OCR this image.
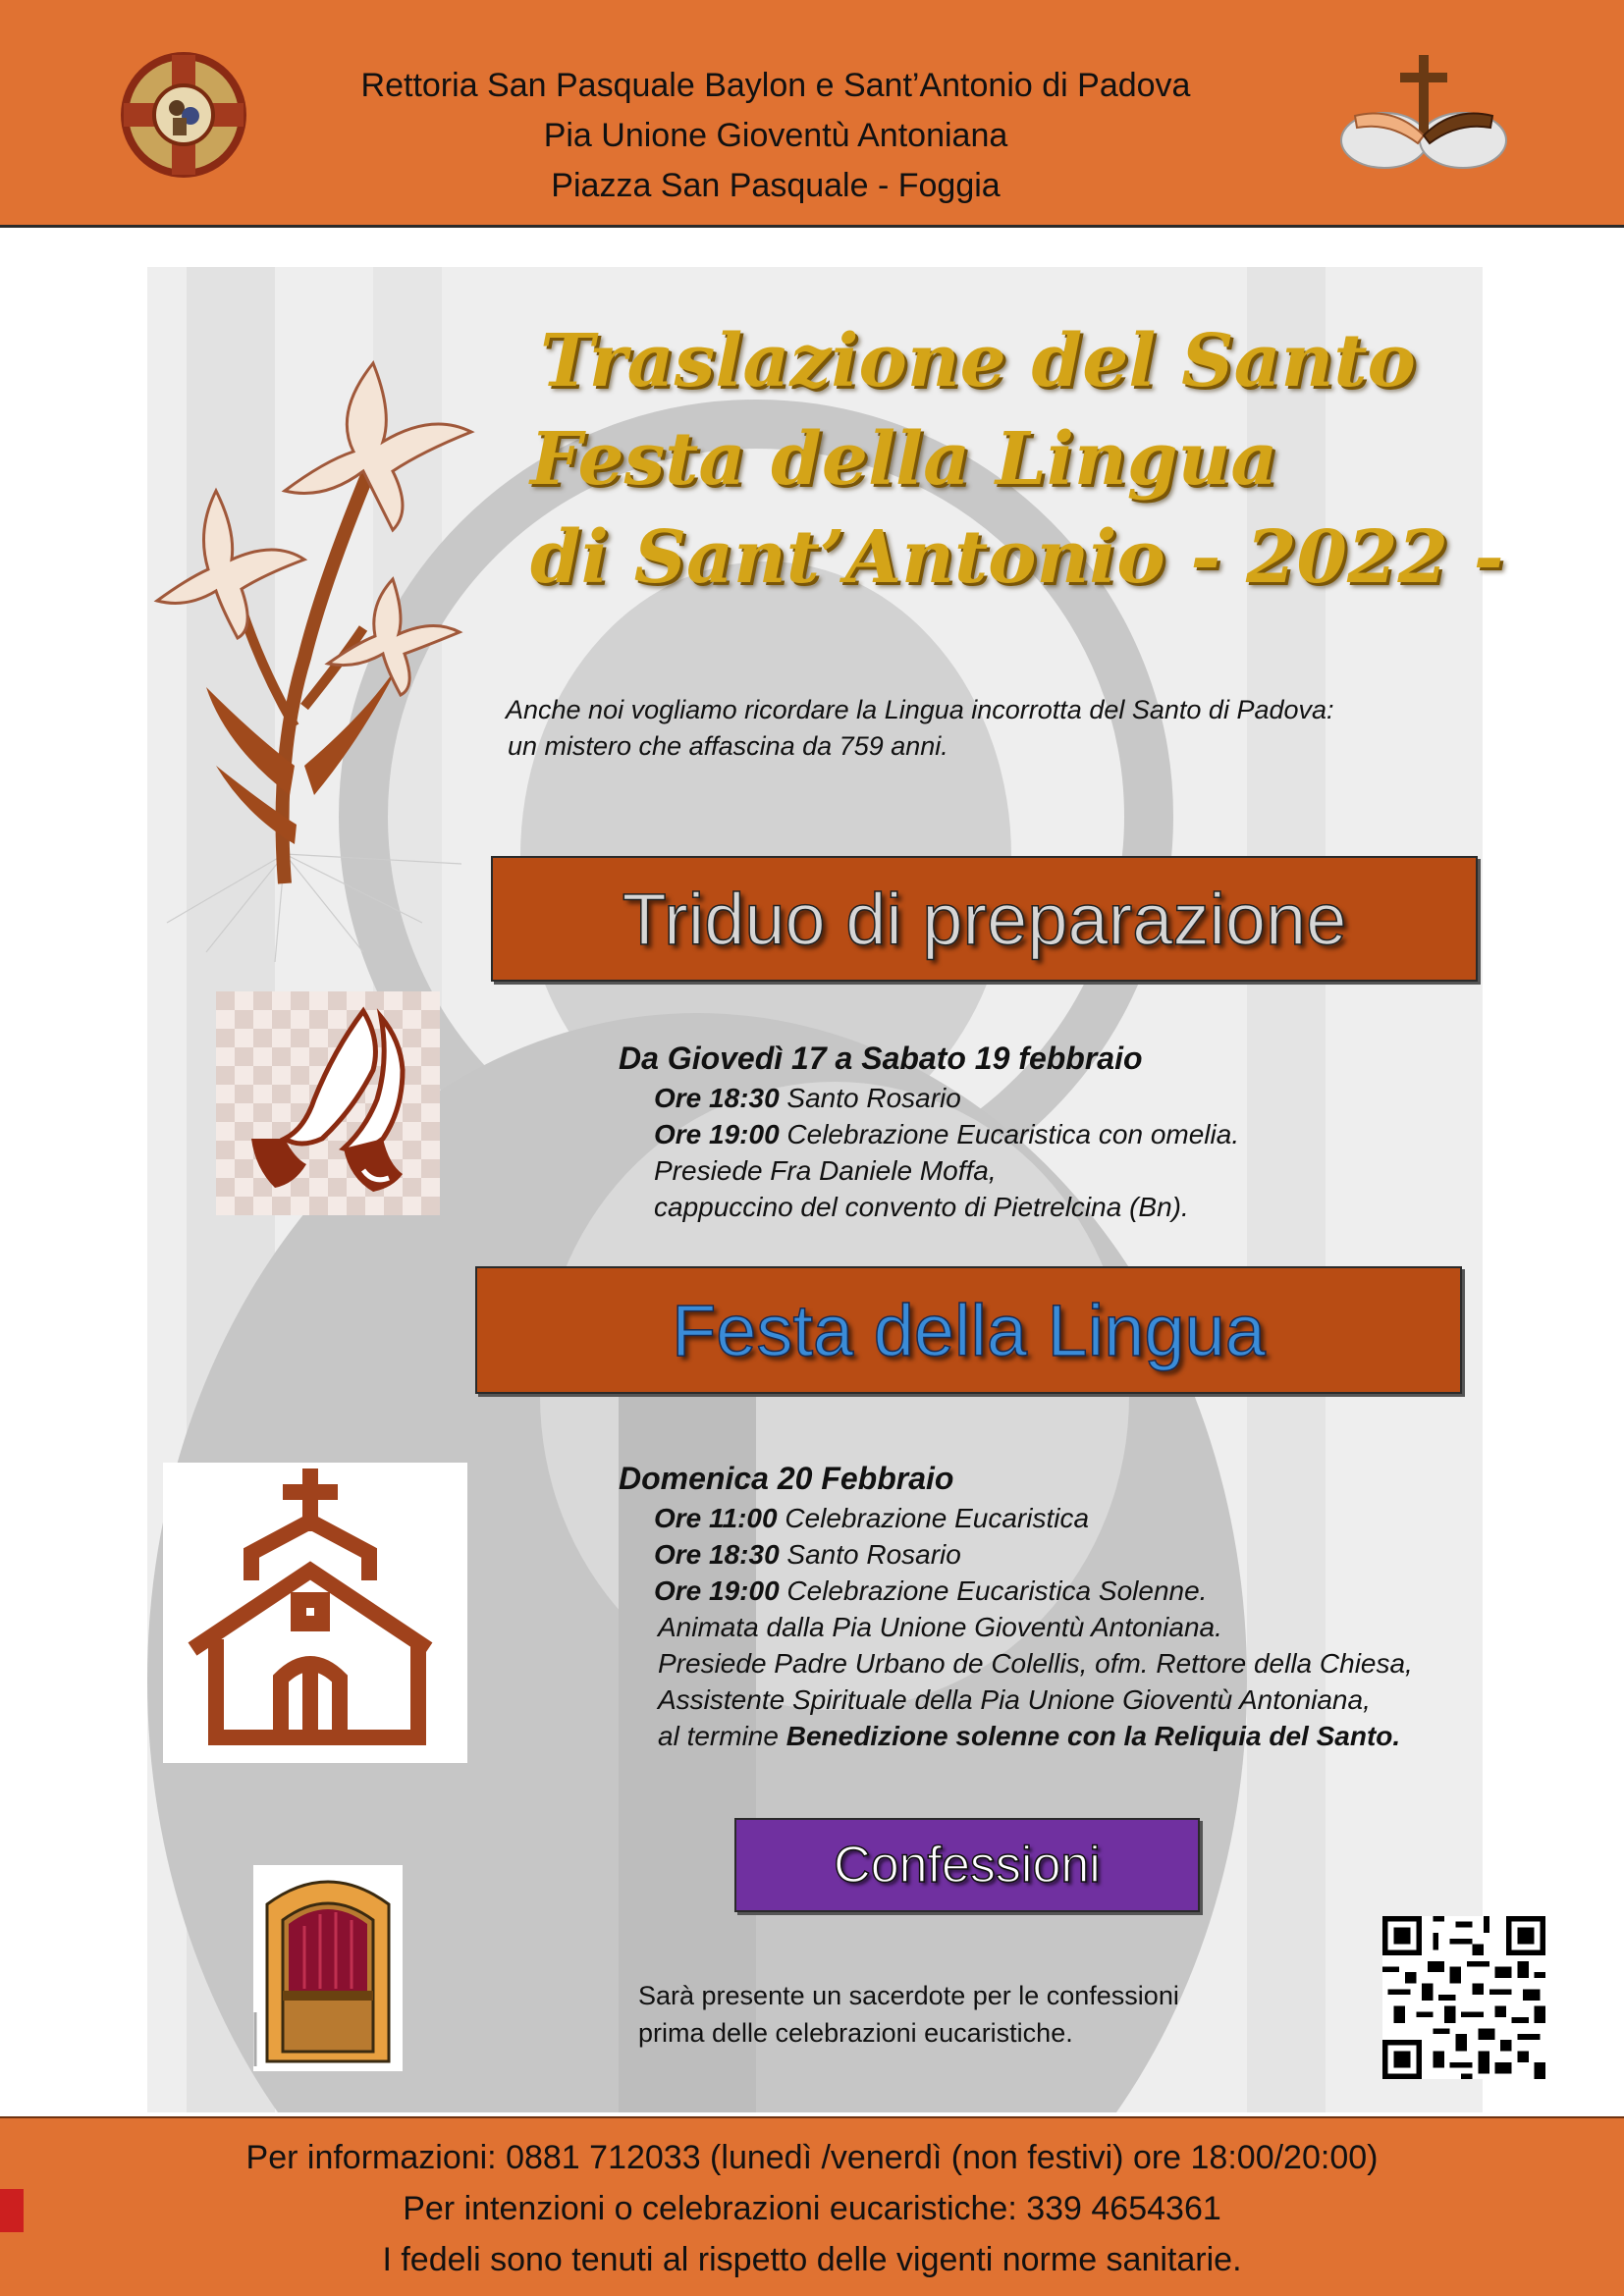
Rettoria San Pasquale Baylon e Sant’Antonio di Padova
Pia Unione Gioventù Antoniana
Piazza San Pasquale - Foggia
Traslazione del Santo
Festa della Lingua
di Sant’Antonio - 2022 -
Anche noi vogliamo ricordare la Lingua incorrotta del Santo di Padova:
un mistero che affascina da 759 anni.
Triduo di preparazione
Da Giovedì 17 a Sabato 19 febbraio
Ore 18:30 Santo Rosario
Ore 19:00 Celebrazione Eucaristica con omelia.
Presiede Fra Daniele Moffa,
cappuccino del convento di Pietrelcina (Bn).
Festa della Lingua
Domenica 20 Febbraio
Ore 11:00 Celebrazione Eucaristica
Ore 18:30 Santo Rosario
Ore 19:00 Celebrazione Eucaristica Solenne.
Animata dalla Pia Unione Gioventù Antoniana.
Presiede Padre Urbano de Colellis, ofm. Rettore della Chiesa,
Assistente Spirituale della Pia Unione Gioventù Antoniana,
al termine Benedizione solenne con la Reliquia del Santo.
Confessioni
Sarà presente un sacerdote per le confessioni
prima delle celebrazioni eucaristiche.
Per informazioni: 0881 712033 (lunedì /venerdì (non festivi) ore 18:00/20:00)
Per intenzioni o celebrazioni eucaristiche: 339 4654361
I fedeli sono tenuti al rispetto delle vigenti norme sanitarie.
